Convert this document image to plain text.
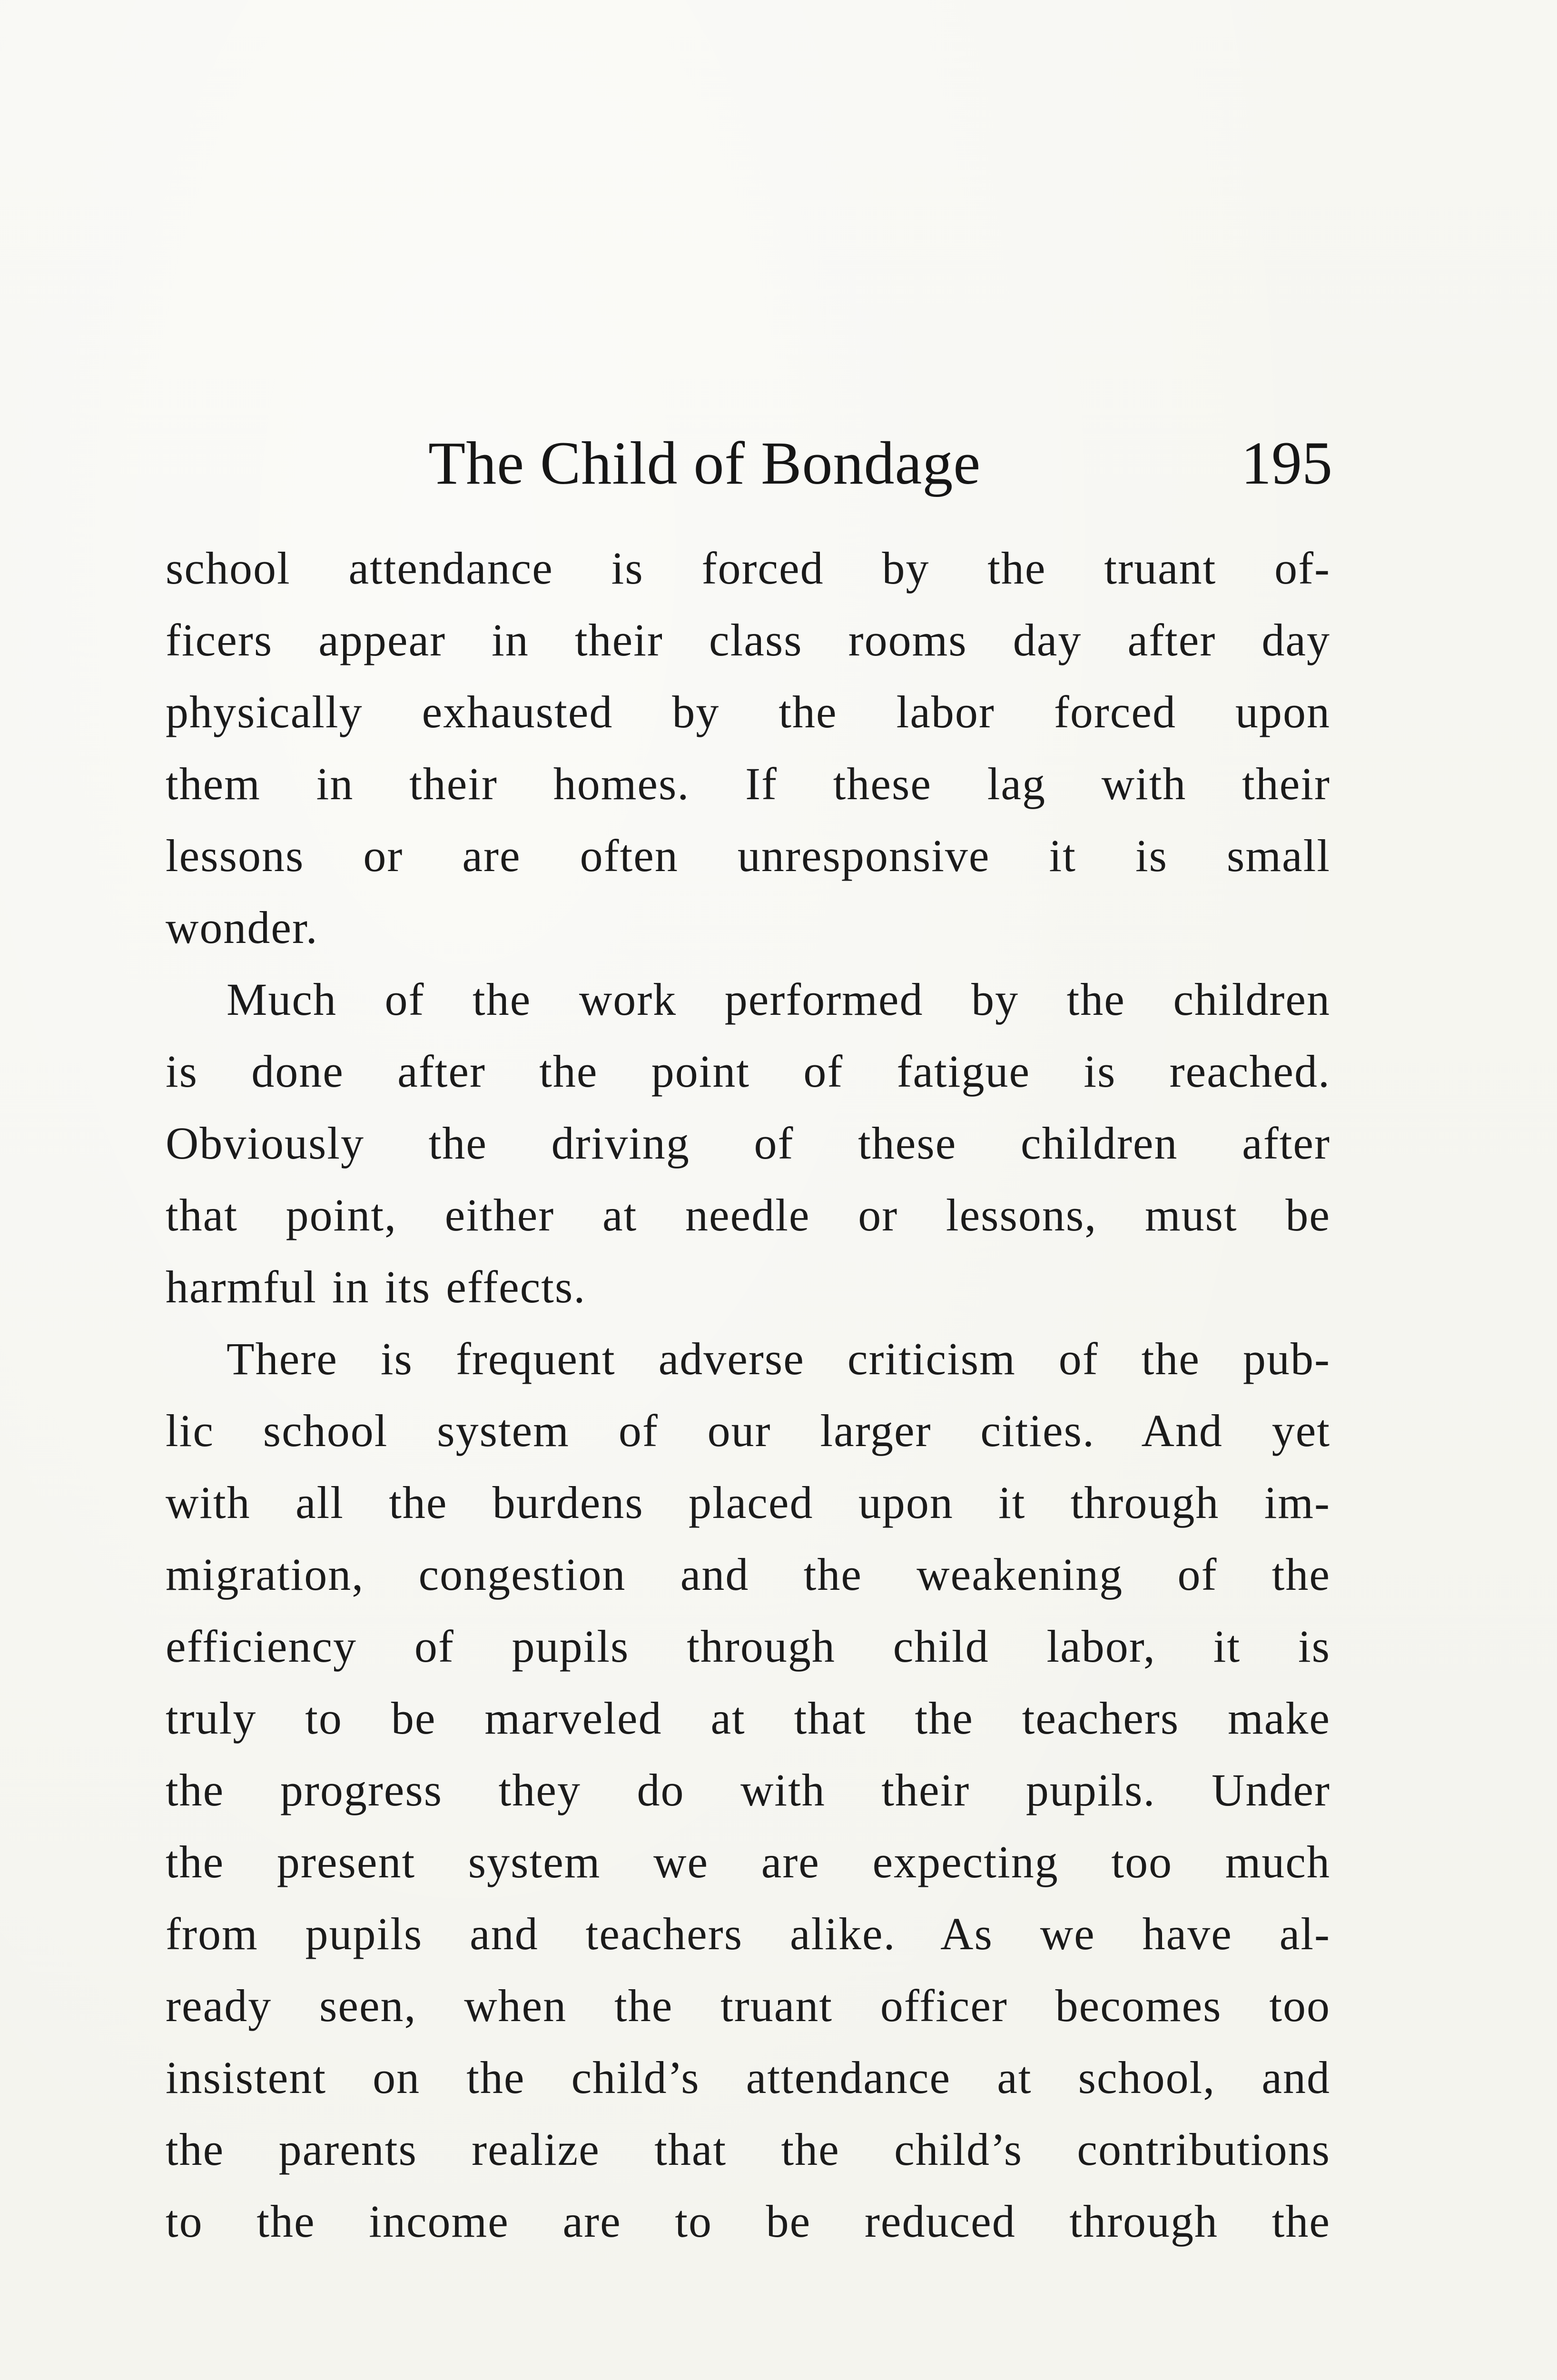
The Child of Bondage	195
school attendance is forced by the truant of-
ficers appear in their class rooms day after day
physically exhausted by the labor forced upon
them in their homes. If these lag with their
lessons or are often unresponsive it is small
wonder.
Much of the work performed by the children
is done after the point of fatigue is reached.
Obviously the driving of these children after
that point, either at needle or lessons, must be
harmful in its effects.
There is frequent adverse criticism of the pub-
lic school system of our larger cities. And yet
with all the burdens placed upon it through im-
migration, congestion and the weakening of the
efficiency of pupils through child labor, it is
truly to be marveled at that the teachers make
the progress they do with their pupils. Under
the present system we are expecting too much
from pupils and teachers alike. As we have al-
ready seen, when the truant officer becomes too
insistent on the child’s attendance at school, and
the parents realize that the child’s contributions
to the income are to be reduced through the
